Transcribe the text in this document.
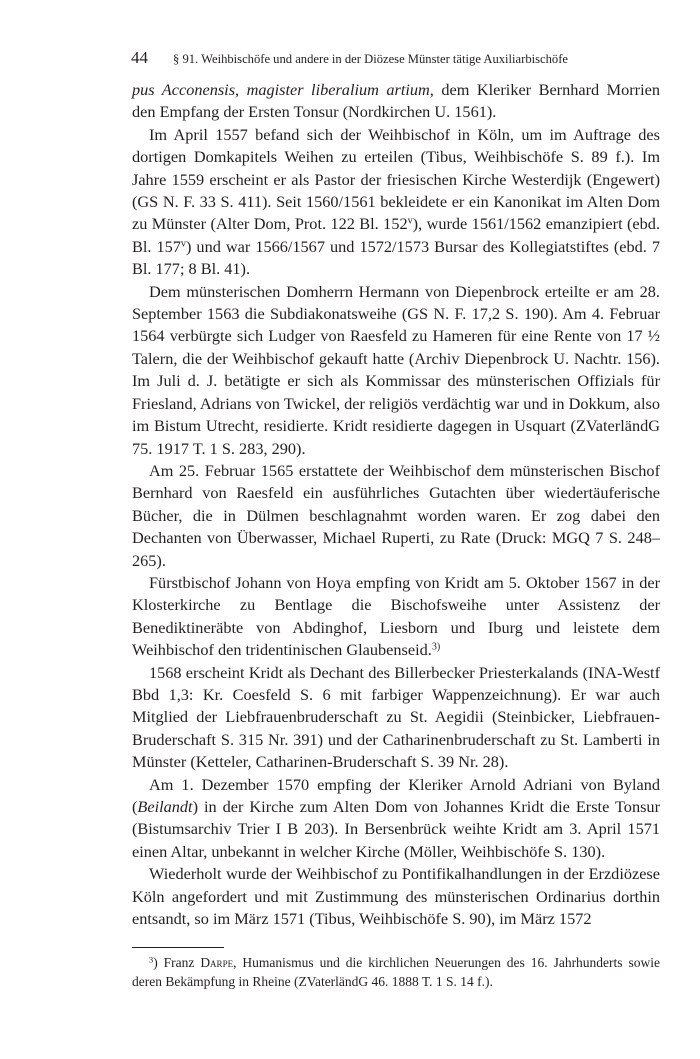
44 § 91. Weihbischöfe und andere in der Diözese Münster tätige Auxiliarbischöfe

pus Acconensis, magister liberalium artium, dem Kleriker Bernhard Morrien den Empfang der Ersten Tonsur (Nordkirchen U. 1561).

Im April 1557 befand sich der Weihbischof in Köln, um im Auftrage des dortigen Domkapitels Weihen zu erteilen (Tibus, Weihbischöfe S. 89 f.). Im Jahre 1559 erscheint er als Pastor der friesischen Kirche Westerdijk (Engewert) (GS N. F. 33 S. 411). Seit 1560/1561 bekleidete er ein Kanonikat im Alten Dom zu Münster (Alter Dom, Prot. 122 Bl. 152$^v$), wurde 1561/1562 emanzipiert (ebd. Bl. 157$^v$) und war 1566/1567 und 1572/1573 Bursar des Kollegiatstiftes (ebd. 7 Bl. 177; 8 Bl. 41).

Dem münsterischen Domherrn Hermann von Diepenbrock erteilte er am 28. September 1563 die Subdiakonatsweihe (GS N. F. 17,2 S. 190). Am 4. Februar 1564 verbürgte sich Ludger von Raesfeld zu Hameren für eine Rente von 17 ½ Talern, die der Weihbischof gekauft hatte (Archiv Diepenbrock U. Nachtr. 156). Im Juli d. J. betätigte er sich als Kommissar des münsterischen Offizials für Friesland, Adrians von Twickel, der religiös verdächtig war und in Dokkum, also im Bistum Utrecht, residierte. Kridt residierte dagegen in Usquart (ZVaterländG 75. 1917 T. 1 S. 283, 290).

Am 25. Februar 1565 erstattete der Weihbischof dem münsterischen Bischof Bernhard von Raesfeld ein ausführliches Gutachten über wiedertäuferische Bücher, die in Dülmen beschlagnahmt worden waren. Er zog dabei den Dechanten von Überwasser, Michael Ruperti, zu Rate (Druck: MGQ 7 S. 248–265).

Fürstbischof Johann von Hoya empfing von Kridt am 5. Oktober 1567 in der Klosterkirche zu Bentlage die Bischofsweihe unter Assistenz der Benediktineräbte von Abdinghof, Liesborn und Iburg und leistete dem Weihbischof den tridentinischen Glaubenseid.$^{3)}$

1568 erscheint Kridt als Dechant des Billerbecker Priesterkalands (INA-Westf Bbd 1,3: Kr. Coesfeld S. 6 mit farbiger Wappenzeichnung). Er war auch Mitglied der Liebfrauenbruderschaft zu St. Aegidii (Steinbicker, Liebfrauen-Bruderschaft S. 315 Nr. 391) und der Catharinenbruderschaft zu St. Lamberti in Münster (Ketteler, Catharinen-Bruderschaft S. 39 Nr. 28).

Am 1. Dezember 1570 empfing der Kleriker Arnold Adriani von Byland (Beilandt) in der Kirche zum Alten Dom von Johannes Kridt die Erste Tonsur (Bistumsarchiv Trier I B 203). In Bersenbrück weihte Kridt am 3. April 1571 einen Altar, unbekannt in welcher Kirche (Möller, Weihbischöfe S. 130).

Wiederholt wurde der Weihbischof zu Pontifikalhandlungen in der Erzdiözese Köln angefordert und mit Zustimmung des münsterischen Ordinarius dorthin entsandt, so im März 1571 (Tibus, Weihbischöfe S. 90), im März 1572

$^3$) Franz Darpe, Humanismus und die kirchlichen Neuerungen des 16. Jahrhunderts sowie deren Bekämpfung in Rheine (ZVaterländG 46. 1888 T. 1 S. 14 f.).
